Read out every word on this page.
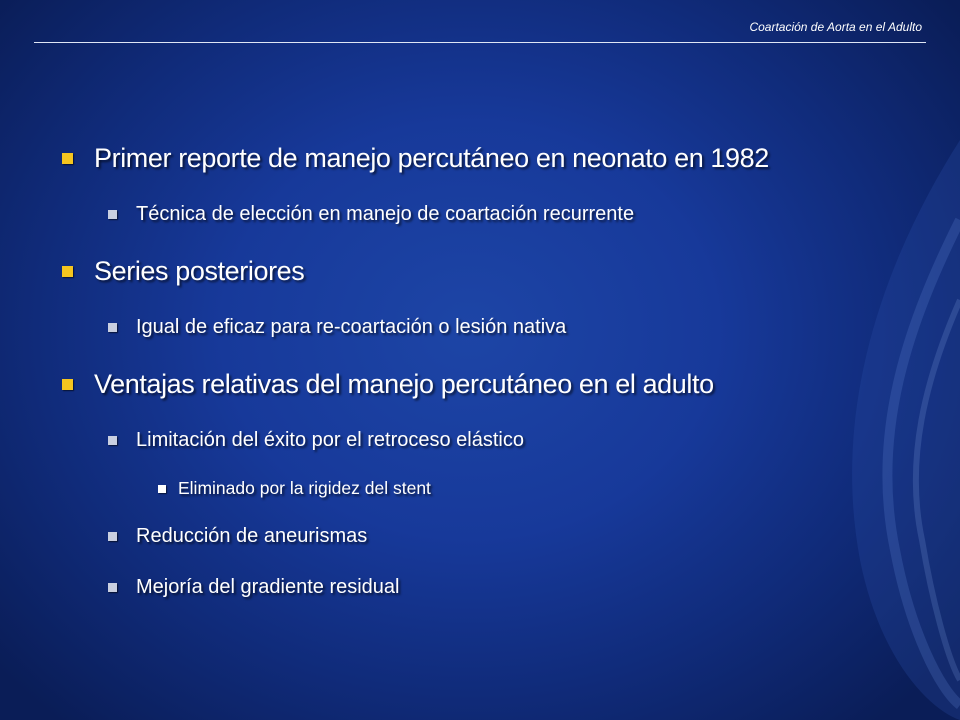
Coartación de Aorta en el Adulto
Primer reporte de manejo percutáneo en neonato en 1982
Técnica de elección en manejo de coartación recurrente
Series posteriores
Igual de eficaz para re-coartación o lesión nativa
Ventajas relativas del manejo percutáneo en el adulto
Limitación del éxito por el retroceso elástico
Eliminado por la rigidez del stent
Reducción de aneurismas
Mejoría del gradiente residual
